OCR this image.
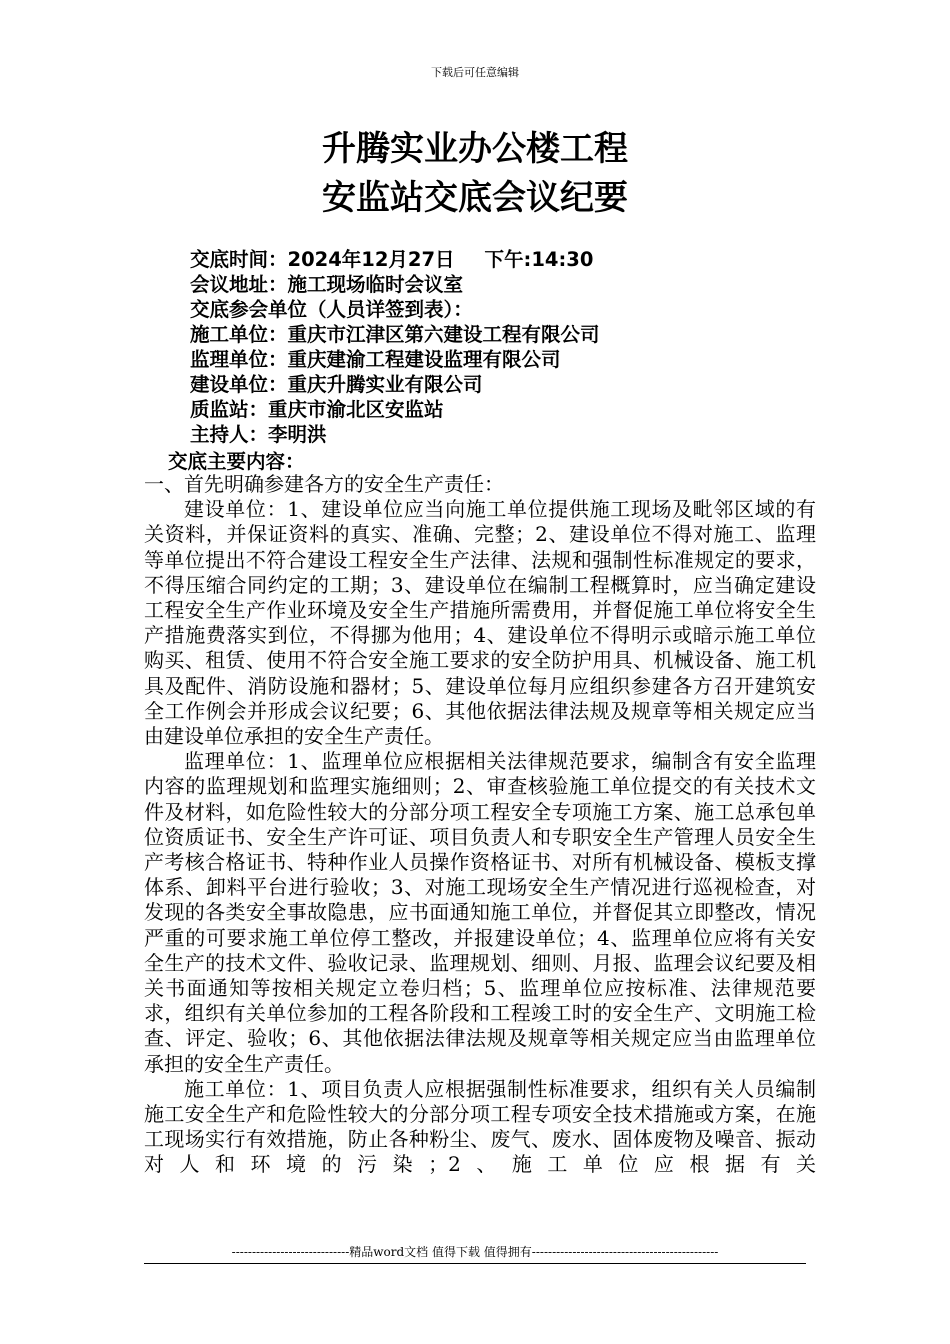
下载后可任意编辑
升腾实业办公楼工程
安监站交底会议纪要
交底时间：2024年12月27日 下午:14:30
会议地址：施工现场临时会议室
交底参会单位（人员详签到表）：
施工单位：重庆市江津区第六建设工程有限公司
监理单位：重庆建渝工程建设监理有限公司
建设单位：重庆升腾实业有限公司
质监站：重庆市渝北区安监站
主持人：李明洪
交底主要内容：

一、首先明确参建各方的安全生产责任：

建设单位：1、建设单位应当向施工单位提供施工现场及毗邻区域的有关资料，并保证资料的真实、准确、完整；2、建设单位不得对施工、监理等单位提出不符合建设工程安全生产法律、法规和强制性标准规定的要求，不得压缩合同约定的工期；3、建设单位在编制工程概算时，应当确定建设工程安全生产作业环境及安全生产措施所需费用，并督促施工单位将安全生产措施费落实到位，不得挪为他用；4、建设单位不得明示或暗示施工单位购买、租赁、使用不符合安全施工要求的安全防护用具、机械设备、施工机具及配件、消防设施和器材；5、建设单位每月应组织参建各方召开建筑安全工作例会并形成会议纪要；6、其他依据法律法规及规章等相关规定应当由建设单位承担的安全生产责任。

监理单位：1、监理单位应根据相关法律规范要求，编制含有安全监理内容的监理规划和监理实施细则；2、审查核验施工单位提交的有关技术文件及材料，如危险性较大的分部分项工程安全专项施工方案、施工总承包单位资质证书、安全生产许可证、项目负责人和专职安全生产管理人员安全生产考核合格证书、特种作业人员操作资格证书、对所有机械设备、模板支撑体系、卸料平台进行验收；3、对施工现场安全生产情况进行巡视检查，对发现的各类安全事故隐患，应书面通知施工单位，并督促其立即整改，情况严重的可要求施工单位停工整改，并报建设单位；4、监理单位应将有关安全生产的技术文件、验收记录、监理规划、细则、月报、监理会议纪要及相关书面通知等按相关规定立卷归档；5、监理单位应按标准、法律规范要求，组织有关单位参加的工程各阶段和工程竣工时的安全生产、文明施工检查、评定、验收；6、其他依据法律法规及规章等相关规定应当由监理单位承担的安全生产责任。

施工单位：1、项目负责人应根据强制性标准要求，组织有关人员编制施工安全生产和危险性较大的分部分项工程专项安全技术措施或方案，在施工现场实行有效措施，防止各种粉尘、废气、废水、固体废物及噪音、振动对人和环境的污染；2、施工单位应根据有关

-----------------------------精品word文档 值得下载 值得拥有----------------------------------------------
